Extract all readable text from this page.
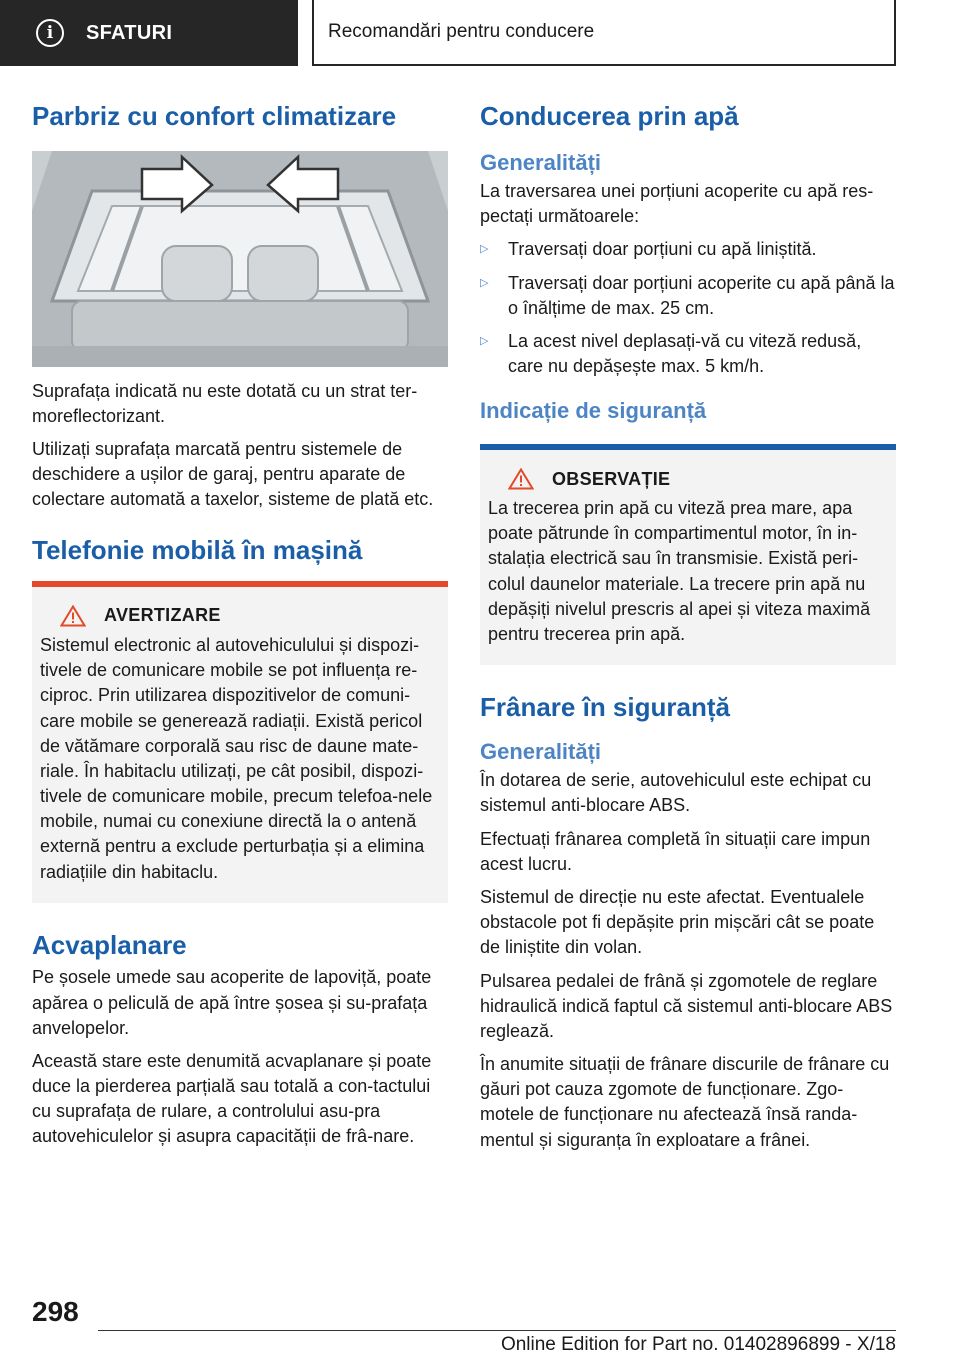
i	SFATURI	Recomandări pentru conducere
Parbriz cu confort climatizare

Suprafața indicată nu este dotată cu un strat ter-moreflectorizant.

Utilizați suprafața marcată pentru sistemele de deschidere a ușilor de garaj, pentru aparate de colectare automată a taxelor, sisteme de plată etc.

Telefonie mobilă în mașină
AVERTIZARE

Sistemul electronic al autovehiculului și dispozi-tivele de comunicare mobile se pot influența re-ciproc. Prin utilizarea dispozitivelor de comuni-care mobile se generează radiații. Există pericol de vătămare corporală sau risc de daune mate-riale. În habitaclu utilizați, pe cât posibil, dispozi-tivele de comunicare mobile, precum telefoa-nele mobile, numai cu conexiune directă la o antenă externă pentru a exclude perturbația și a elimina radiațiile din habitaclu.

Acvaplanare

Pe șosele umede sau acoperite de lapoviță, poate apărea o peliculă de apă între șosea și su-prafața anvelopelor.

Această stare este denumită acvaplanare și poate duce la pierderea parțială sau totală a con-tactului cu suprafața de rulare, a controlului asu-pra autovehiculelor și asupra capacității de frâ-nare.

Conducerea prin apă
Generalități

La traversarea unei porțiuni acoperite cu apă res-pectați următoarele:

▷ Traversați doar porțiuni cu apă liniștită.
▷ Traversați doar porțiuni acoperite cu apă până la o înălțime de max. 25 cm.
▷ La acest nivel deplasați-vă cu viteză redusă, care nu depășește max. 5 km/h.
Indicație de siguranță
OBSERVAȚIE

La trecerea prin apă cu viteză prea mare, apa poate pătrunde în compartimentul motor, în in-stalația electrică sau în transmisie. Există peri-colul daunelor materiale. La trecere prin apă nu depășiți nivelul prescris al apei și viteza maximă pentru trecerea prin apă.

Frânare în siguranță
Generalități

În dotarea de serie, autovehiculul este echipat cu sistemul anti-blocare ABS.

Efectuați frânarea completă în situații care impun acest lucru.

Sistemul de direcție nu este afectat. Eventualele obstacole pot fi depășite prin mișcări cât se poate de liniștite din volan.

Pulsarea pedalei de frână și zgomotele de reglare hidraulică indică faptul că sistemul anti-blocare ABS reglează.

În anumite situații de frânare discurile de frânare cu găuri pot cauza zgomote de funcționare. Zgo-motele de funcționare nu afectează însă randa-mentul și siguranța în exploatare a frânei.

298
Online Edition for Part no. 01402896899 - X/18
